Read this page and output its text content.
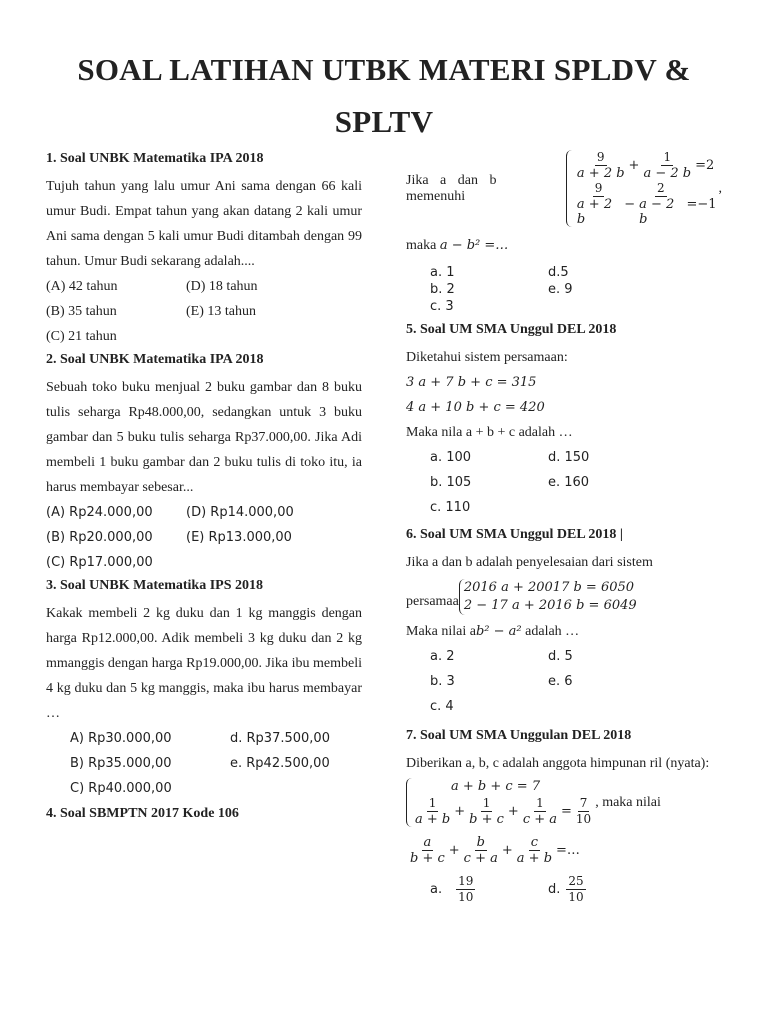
SOAL LATIHAN UTBK MATERI SPLDV &
SPLTV
1. Soal UNBK Matematika IPA 2018

Tujuh tahun yang lalu umur Ani sama dengan 66 kali umur Budi. Empat tahun yang akan datang 2 kali umur Ani sama dengan 5 kali umur Budi ditambah dengan 99 tahun. Umur Budi sekarang adalah....

(A) 42 tahun	(D) 18 tahun
(B) 35 tahun	(E) 13 tahun
(C) 21 tahun
2. Soal UNBK Matematika IPA 2018

Sebuah toko buku menjual 2 buku gambar dan 8 buku tulis seharga Rp48.000,00, sedangkan untuk 3 buku gambar dan 5 buku tulis seharga Rp37.000,00. Jika Adi membeli 1 buku gambar dan 2 buku tulis di toko itu, ia harus membayar sebesar...

(A) Rp24.000,00	(D) Rp14.000,00
(B) Rp20.000,00	(E) Rp13.000,00
(C) Rp17.000,00
3. Soal UNBK Matematika IPS 2018

Kakak membeli 2 kg duku dan 1 kg manggis dengan harga Rp12.000,00. Adik membeli 3 kg duku dan 2 kg mmanggis dengan harga Rp19.000,00. Jika ibu membeli 4 kg duku dan 5 kg manggis, maka ibu harus membayar …

A) Rp30.000,00	d. Rp37.500,00
B) Rp35.000,00	e. Rp42.500,00
C) Rp40.000,00
4. Soal SBMPTN 2017 Kode 106
Jika a dan b memenuhi
$\frac{9}{a + 2 b} + \frac{1}{a - 2 b} =2$
$\frac{9}{a + 2 b} - \frac{2}{a - 2 b} =-1$
,

maka a − b² =…

a. 1	d.5
b. 2	e. 9
c. 3
5. Soal UM SMA Unggul DEL 2018

Diketahui sistem persamaan:

3 a + 7 b + c = 315

4 a + 10 b + c = 420

Maka nila a + b + c adalah …

a. 100	d. 150
b. 105	e. 160
c. 110
6. Soal UM SMA Unggul DEL 2018 |

Jika a dan b adalah penyelesaian dari sistem

persamaa
2016 a + 20017 b = 6050
2 − 17 a + 2016 b = 6049

Maka nilai ab² − a² adalah …

a. 2	d. 5
b. 3	e. 6
c. 4
7. Soal UM SMA Unggulan DEL 2018

Diberikan a, b, c adalah anggota himpunan ril (nyata):

a + b + c = 7
$\frac{1}{a + b} + \frac{1}{b + c} + \frac{1}{c + a} = \frac{7}{10}$ , maka nilai
$\frac{a}{b + c} + \frac{b}{c + a} + \frac{c}{a + b}$ =…
a. $\frac{19}{10}$	d. $\frac{25}{10}$
